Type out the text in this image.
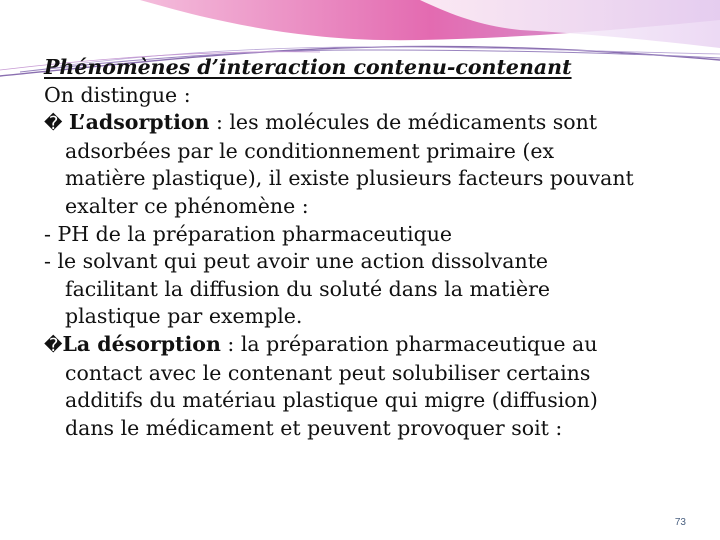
Phénomènes d’interaction contenu-contenant
On distingue :
� L’adsorption : les molécules de médicaments sont
adsorbées par le conditionnement primaire (ex
matière plastique), il existe plusieurs facteurs pouvant
exalter ce phénomène :
- PH de la préparation pharmaceutique
- le solvant qui peut avoir une action dissolvante
facilitant la diffusion du soluté dans la matière
plastique par exemple.
�La désorption : la préparation pharmaceutique au
contact avec le contenant peut solubiliser certains
additifs du matériau plastique qui migre (diffusion)
dans le médicament et peuvent provoquer soit :
73
